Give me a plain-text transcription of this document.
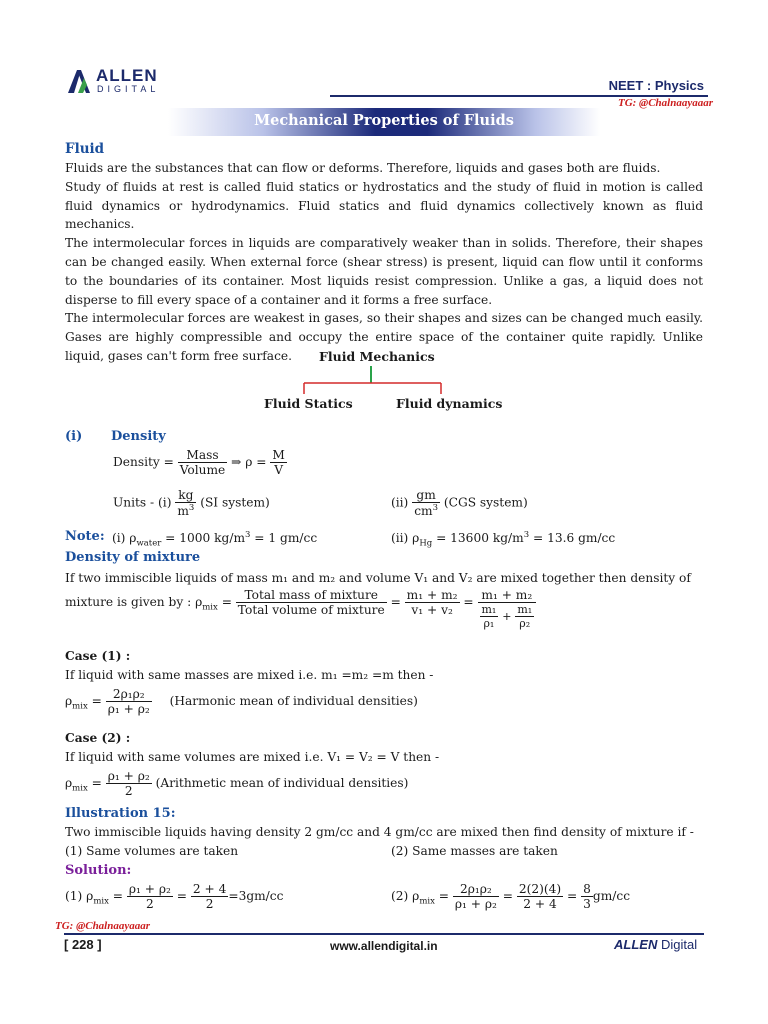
ALLEN
DIGITAL	NEET : Physics
TG: @Chalnaayaaar
Mechanical Properties of Fluids
Fluid
Fluids are the substances that can flow or deforms. Therefore, liquids and gases both are fluids.
Study of fluids at rest is called fluid statics or hydrostatics and the study of fluid in motion is called fluid dynamics or hydrodynamics. Fluid statics and fluid dynamics collectively known as fluid mechanics.
The intermolecular forces in liquids are comparatively weaker than in solids. Therefore, their shapes can be changed easily. When external force (shear stress) is present, liquid can flow until it conforms to the boundaries of its container. Most liquids resist compression. Unlike a gas, a liquid does not disperse to fill every space of a container and it forms a free surface.
The intermolecular forces are weakest in gases, so their shapes and sizes can be changed much easily. Gases are highly compressible and occupy the entire space of the container quite rapidly. Unlike liquid, gases can't form free surface.	Fluid Mechanics
Fluid Statics	Fluid dynamics
(i) Density
Density = $\frac{\text{Mass}}{\text{Volume}}$ ⇒ $\rho = \frac{M}{V}$
Units - $(i) \frac{kg}{m^3} (SI$ system)	$(ii) \frac{gm}{cm^3} (CGS$ system)
Note: (i) $\rho_{water} = 1000$ $kg/m^3 = 1$ gm/cc	(ii) $\rho_{Hg} = 13600$ $kg/m^3 = 13.6$ gm/cc
Density of mixture
If two immiscible liquids of mass m₁ and m₂ and volume V₁ and V₂ are mixed together then density of
mixture is given by : $\rho_{mix} = \frac{\text{Total mass of mixture}}{\text{Total volume of mixture}} = \frac{\text{m₁ + m₂}}{\text{v₁ + v₂}} = \frac{\text{m₁ + m₂}}{\frac{\text{m₁}}{\text{ρ₁}} + \frac{\text{m₁}}{\text{ρ₂}}}$
Case (1) :
If liquid with same masses are mixed i.e. m₁ =m₂ =m then -
$\rho_{mix} = \frac{\text{2ρ₁ρ₂}}{\text{ρ₁ + ρ₂}}$ (Harmonic mean of individual densities)
Case (2) :
If liquid with same volumes are mixed i.e. V₁ = V₂ = V then -
$\rho_{mix} = \frac{\text{ρ₁ + ρ₂}}{2}$ (Arithmetic mean of individual densities)
Illustration 15:
Two immiscible liquids having density 2 gm/cc and 4 gm/cc are mixed then find density of mixture if -
(1) Same volumes are taken	(2) Same masses are taken
Solution:
(1) $\rho_{mix} = \frac{\text{ρ₁ + ρ₂}}{2} = \frac{2 + 4}{2} =3gm/cc$	(2) $\rho_{mix} = \frac{\text{2ρ₁ρ₂}}{\text{ρ₁ + ρ₂}} = \frac{2(2)(4)}{2 + 4} = \frac{8}{3} gm/cc$
TG: @Chalnaayaaar
[ 228 ]	www.allendigital.in	ALLEN Digital
